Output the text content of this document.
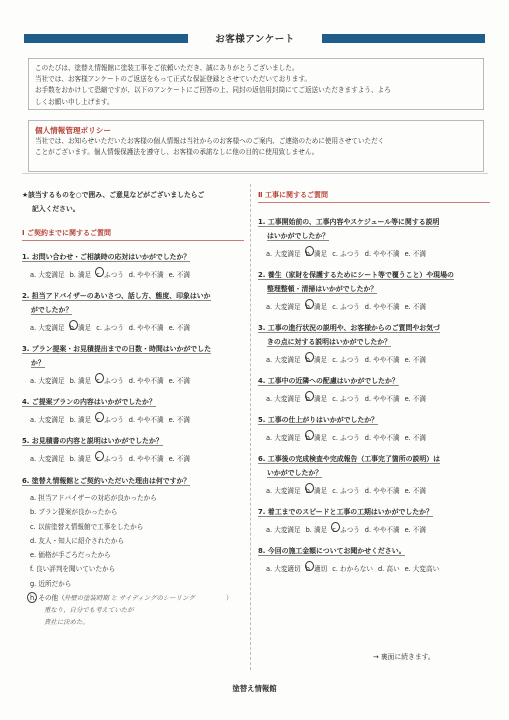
お客様アンケート
このたびは、塗替え情報館に塗装工事をご依頼いただき、誠にありがとうございました。
当社では、お客様アンケートのご返送をもって正式な保証登録とさせていただいております。
お手数をおかけして恐縮ですが、以下のアンケートにご回答の上、同封の返信用封筒にてご返送いただきますよう、よろ
しくお願い申し上げます。
個人情報管理ポリシー
当社では、お知らせいただいたお客様の個人情報は当社からのお客様へのご案内、ご連絡のために使用させていただく
ことがございます。個人情報保護法を遵守し、お客様の承諾なしに他の目的に使用致しません。
★該当するものを○で囲み、ご意見などがございましたらご
記入ください。
Ⅰ ご契約までに関するご質問
1. お問い合わせ・ご相談時の応対はいかがでしたか？
a. 大変満足 b. 満足 c. ふつう d. やや不満 e. 不満
2. 担当アドバイザーのあいさつ、話し方、態度、印象はいか
がでしたか？
a. 大変満足 b. 満足 c. ふつう d. やや不満 e. 不満
3. プラン提案・お見積提出までの日数・時間はいかがでした
か？
a. 大変満足 b. 満足 c. ふつう d. やや不満 e. 不満
4. ご提案プランの内容はいかがでしたか？
a. 大変満足 b. 満足 c. ふつう d. やや不満 e. 不満
5. お見積書の内容と説明はいかがでしたか？
a. 大変満足 b. 満足 c. ふつう d. やや不満 e. 不満
6. 塗替え情報館とご契約いただいた理由は何ですか？
a. 担当アドバイザーの対応が良かったから
b. プラン提案が良かったから
c. 以前塗替え情報館で工事をしたから
d. 友人・知人に紹介されたから
e. 価格が手ごろだったから
f. 良い評判を聞いていたから
g. 近所だから
h. その他（ 外壁の塗装時期 と サイディングのシーリング	）
重なり、自分でも考えていたが
貴社に決めた。
Ⅱ 工事に関するご質問
1. 工事開始前の、工事内容やスケジュール等に関する説明
はいかがでしたか？
a. 大変満足 b. 満足 c. ふつう d. やや不満 e. 不満
2. 養生（家財を保護するためにシート等で覆うこと）や現場の
整理整頓・清掃はいかがでしたか？
a. 大変満足 b. 満足 c. ふつう d. やや不満 e. 不満
3. 工事の進行状況の説明や、お客様からのご質問やお気づ
きの点に対する説明はいかがでしたか？
a. 大変満足 b. 満足 c. ふつう d. やや不満 e. 不満
4. 工事中の近隣への配慮はいかがでしたか？
a. 大変満足 b. 満足 c. ふつう d. やや不満 e. 不満
5. 工事の仕上がりはいかがでしたか？
a. 大変満足 b. 満足 c. ふつう d. やや不満 e. 不満
6. 工事後の完成検査や完成報告（工事完了箇所の説明）は
いかがでしたか？
a. 大変満足 b. 満足 c. ふつう d. やや不満 e. 不満
7. 着工までのスピードと工事の工期はいかがでしたか？
a. 大変満足 b. 満足 c. ふつう d. やや不満 e. 不満
8. 今回の施工金額についてお聞かせください。
a. 大変適切 b. 適切 c. わからない d. 高い e. 大変高い
→ 裏面に続きます。
塗替え情報館
